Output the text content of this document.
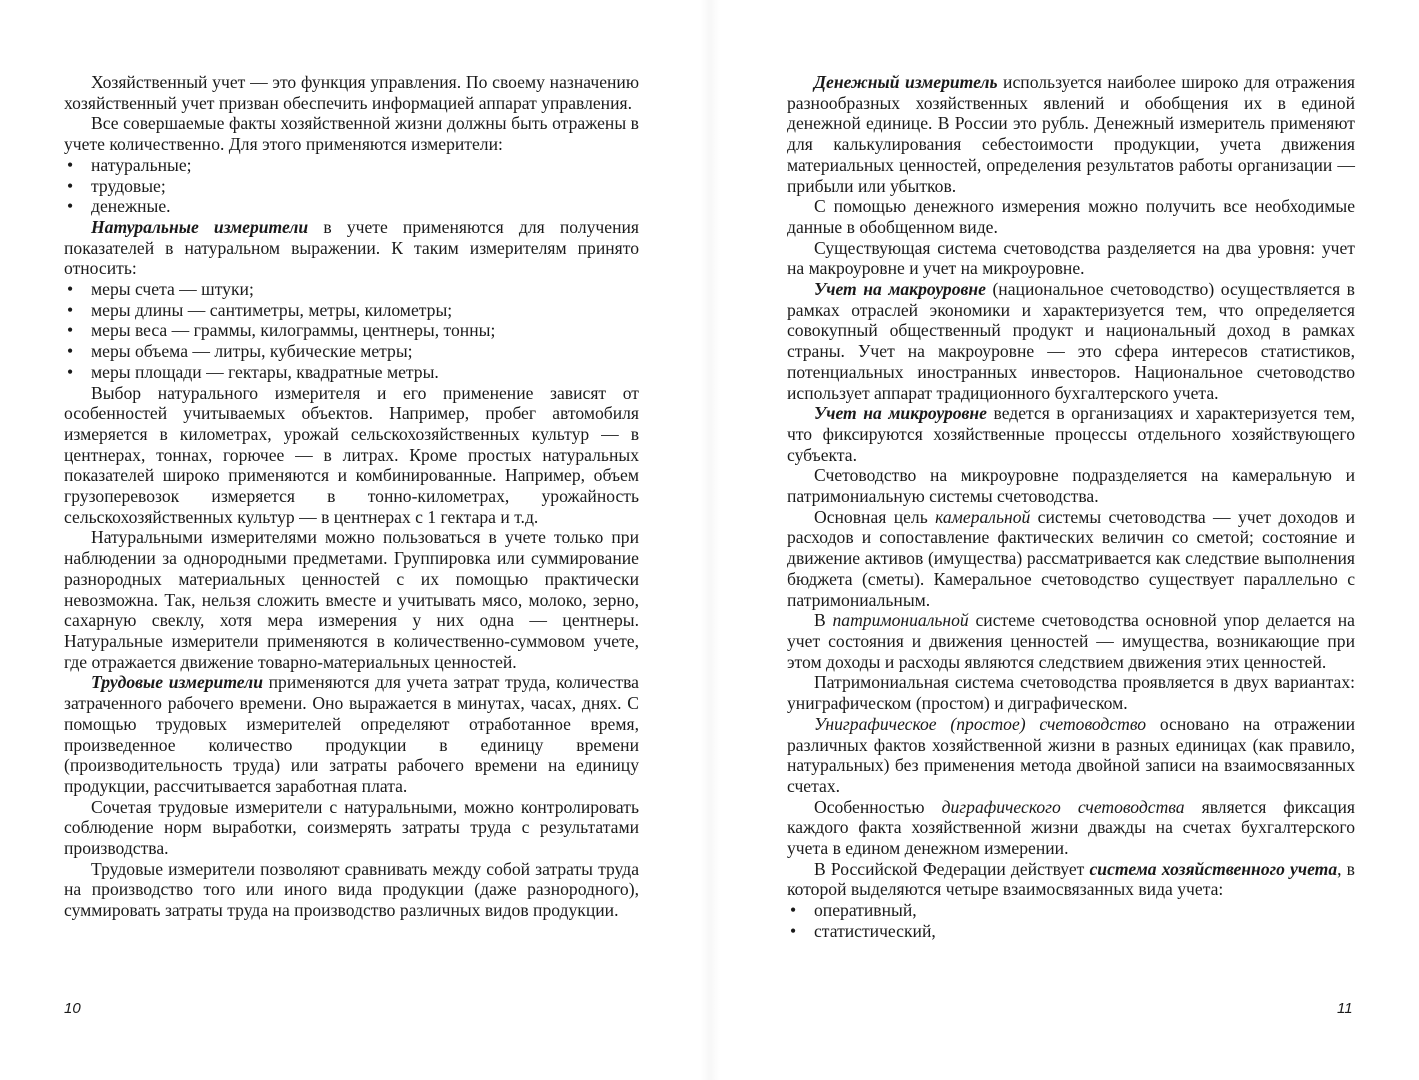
Хозяйственный учет — это функция управления. По своему назначению хозяйственный учет призван обеспечить информацией аппарат управления.

Все совершаемые факты хозяйственной жизни должны быть отражены в учете количественно. Для этого применяются измерители:

• натуральные;
• трудовые;
• денежные.

Натуральные измерители в учете применяются для получения показателей в натуральном выражении. К таким измерителям принято относить:

• меры счета — штуки;
• меры длины — сантиметры, метры, километры;
• меры веса — граммы, килограммы, центнеры, тонны;
• меры объема — литры, кубические метры;
• меры площади — гектары, квадратные метры.

Выбор натурального измерителя и его применение зависят от особенностей учитываемых объектов. Например, пробег автомобиля измеряется в километрах, урожай сельскохозяйственных культур — в центнерах, тоннах, горючее — в литрах. Кроме простых натуральных показателей широко применяются и комбинированные. Например, объем грузоперевозок измеряется в тонно-километрах, урожайность сельскохозяйственных культур — в центнерах с 1 гектара и т.д.

Натуральными измерителями можно пользоваться в учете только при наблюдении за однородными предметами. Группировка или суммирование разнородных материальных ценностей с их помощью практически невозможна. Так, нельзя сложить вместе и учитывать мясо, молоко, зерно, сахарную свеклу, хотя мера измерения у них одна — центнеры. Натуральные измерители применяются в количественно-суммовом учете, где отражается движение товарно-материальных ценностей.

Трудовые измерители применяются для учета затрат труда, количества затраченного рабочего времени. Оно выражается в минутах, часах, днях. С помощью трудовых измерителей определяют отработанное время, произведенное количество продукции в единицу времени (производительность труда) или затраты рабочего времени на единицу продукции, рассчитывается заработная плата.

Сочетая трудовые измерители с натуральными, можно контролировать соблюдение норм выработки, соизмерять затраты труда с результатами производства.

Трудовые измерители позволяют сравнивать между собой затраты труда на производство того или иного вида продукции (даже разнородного), суммировать затраты труда на производство различных видов продукции.

10

Денежный измеритель используется наиболее широко для отражения разнообразных хозяйственных явлений и обобщения их в единой денежной единице. В России это рубль. Денежный измеритель применяют для калькулирования себестоимости продукции, учета движения материальных ценностей, определения результатов работы организации — прибыли или убытков.

С помощью денежного измерения можно получить все необходимые данные в обобщенном виде.

Существующая система счетоводства разделяется на два уровня: учет на макроуровне и учет на микроуровне.

Учет на макроуровне (национальное счетоводство) осуществляется в рамках отраслей экономики и характеризуется тем, что определяется совокупный общественный продукт и национальный доход в рамках страны. Учет на макроуровне — это сфера интересов статистиков, потенциальных иностранных инвесторов. Национальное счетоводство использует аппарат традиционного бухгалтерского учета.

Учет на микроуровне ведется в организациях и характеризуется тем, что фиксируются хозяйственные процессы отдельного хозяйствующего субъекта.

Счетоводство на микроуровне подразделяется на камеральную и патримониальную системы счетоводства.

Основная цель камеральной системы счетоводства — учет доходов и расходов и сопоставление фактических величин со сметой; состояние и движение активов (имущества) рассматривается как следствие выполнения бюджета (сметы). Камеральное счетоводство существует параллельно с патримониальным.

В патримониальной системе счетоводства основной упор делается на учет состояния и движения ценностей — имущества, возникающие при этом доходы и расходы являются следствием движения этих ценностей.

Патримониальная система счетоводства проявляется в двух вариантах: униграфическом (простом) и диграфическом.

Униграфическое (простое) счетоводство основано на отражении различных фактов хозяйственной жизни в разных единицах (как правило, натуральных) без применения метода двойной записи на взаимосвязанных счетах.

Особенностью диграфического счетоводства является фиксация каждого факта хозяйственной жизни дважды на счетах бухгалтерского учета в едином денежном измерении.

В Российской Федерации действует система хозяйственного учета, в которой выделяются четыре взаимосвязанных вида учета:

• оперативный,
• статистический,
11
